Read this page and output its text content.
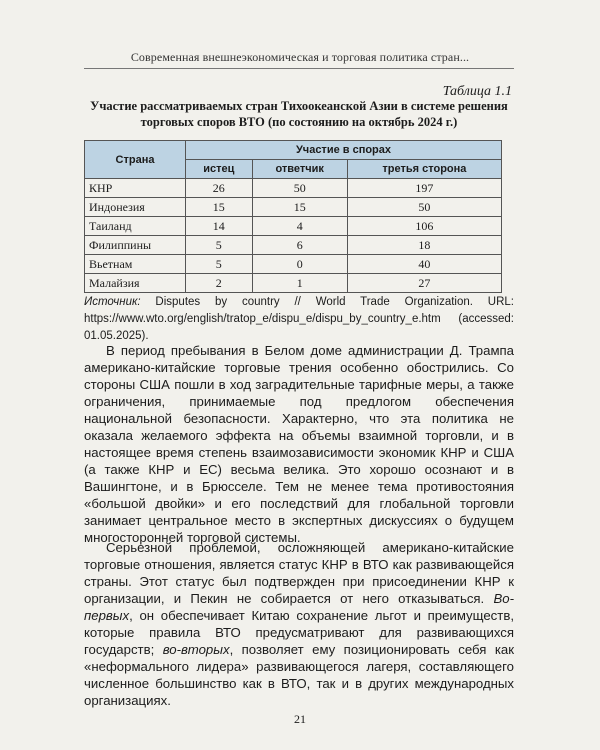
Современная внешнеэкономическая и торговая политика стран...
Таблица 1.1
Участие рассматриваемых стран Тихоокеанской Азии в системе решения торговых споров ВТО (по состоянию на октябрь 2024 г.)
Страна	Участие в спорах		
	истец	ответчик	третья сторона
КНР	26	50	197
Индонезия	15	15	50
Таиланд	14	4	106
Филиппины	5	6	18
Вьетнам	5	0	40
Малайзия	2	1	27
Источник: Disputes by country // World Trade Organization. URL: https://www.wto.org/english/tratop_e/dispu_e/dispu_by_country_e.htm (accessed: 01.05.2025).

В период пребывания в Белом доме администрации Д. Трампа американо-китайские торговые трения особенно обострились. Со стороны США пошли в ход заградительные тарифные меры, а также ограничения, принимаемые под предлогом обеспечения национальной безопасности. Характерно, что эта политика не оказала желаемого эффекта на объемы взаимной торговли, и в настоящее время степень взаимозависимости экономик КНР и США (а также КНР и ЕС) весьма велика. Это хорошо осознают и в Вашингтоне, и в Брюсселе. Тем не менее тема противостояния «большой двойки» и его последствий для глобальной торговли занимает центральное место в экспертных дискуссиях о будущем многосторонней торговой системы.

Серьезной проблемой, осложняющей американо-китайские торговые отношения, является статус КНР в ВТО как развивающейся страны. Этот статус был подтвержден при присоединении КНР к организации, и Пекин не собирается от него отказываться. Во-первых, он обеспечивает Китаю сохранение льгот и преимуществ, которые правила ВТО предусматривают для развивающихся государств; во-вторых, позволяет ему позиционировать себя как «неформального лидера» развивающегося лагеря, составляющего численное большинство как в ВТО, так и в других международных организациях.

21
